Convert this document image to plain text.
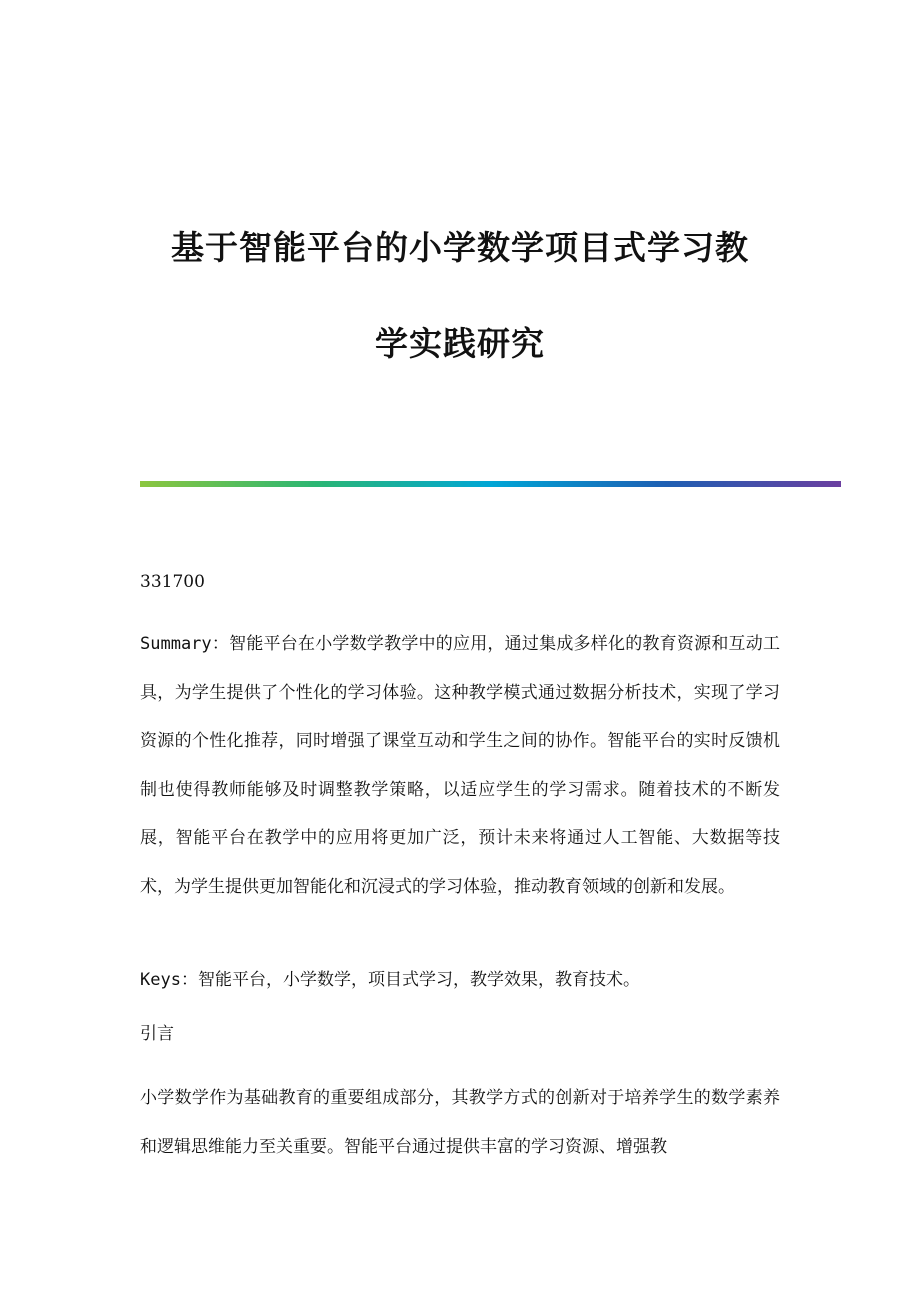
基于智能平台的小学数学项目式学习教
学实践研究
331700
Summary：智能平台在小学数学教学中的应用，通过集成多样化的教育资源和互动工具，为学生提供了个性化的学习体验。这种教学模式通过数据分析技术，实现了学习资源的个性化推荐，同时增强了课堂互动和学生之间的协作。智能平台的实时反馈机制也使得教师能够及时调整教学策略，以适应学生的学习需求。随着技术的不断发展，智能平台在教学中的应用将更加广泛，预计未来将通过人工智能、大数据等技术，为学生提供更加智能化和沉浸式的学习体验，推动教育领域的创新和发展。
Keys：智能平台，小学数学，项目式学习，教学效果，教育技术。
引言
小学数学作为基础教育的重要组成部分，其教学方式的创新对于培养学生的数学素养和逻辑思维能力至关重要。智能平台通过提供丰富的学习资源、增强教
